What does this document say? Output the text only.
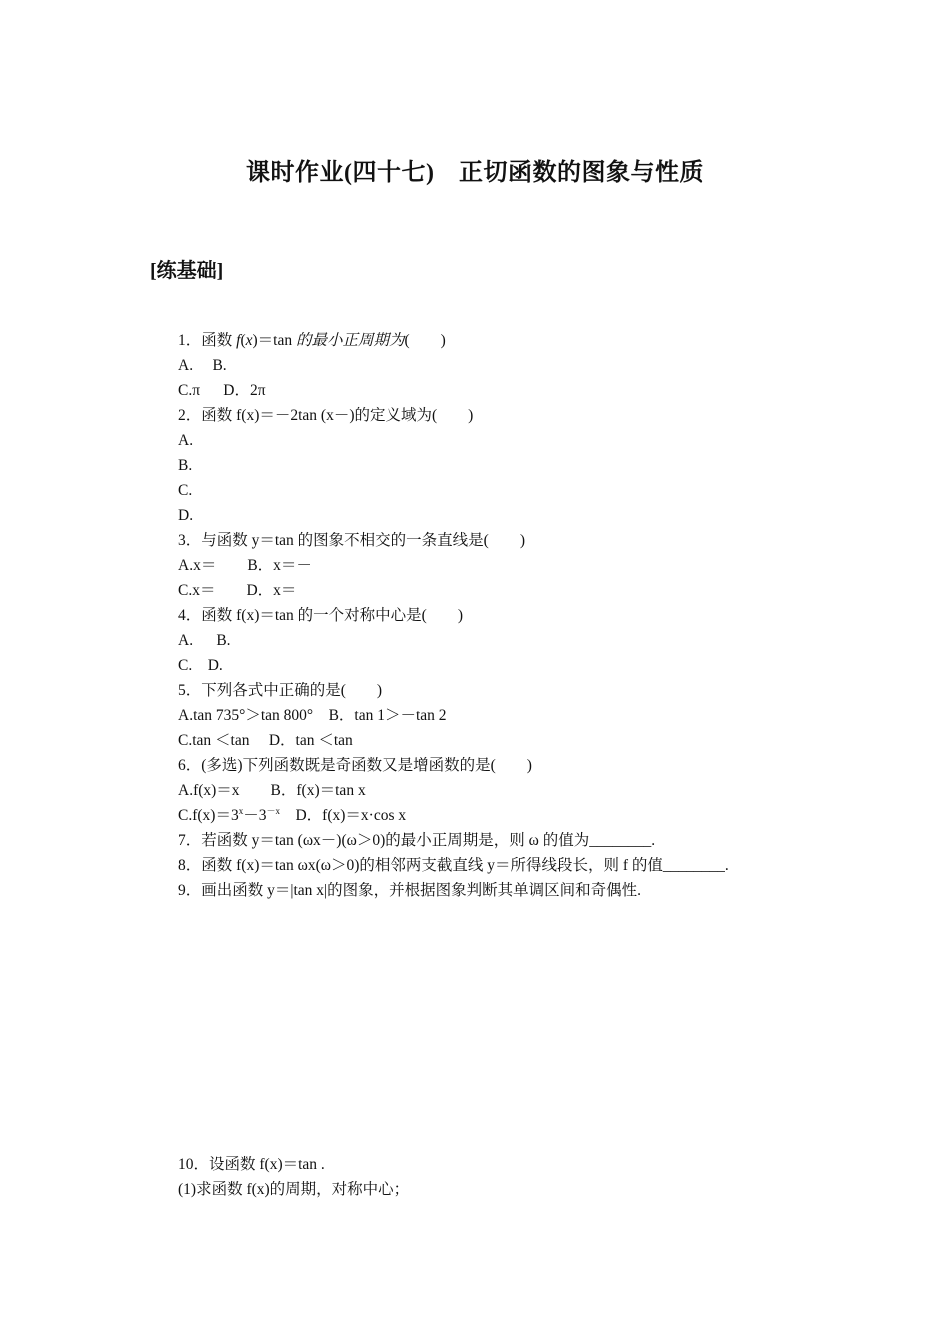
课时作业(四十七)　正切函数的图象与性质
[练基础]
1．函数 f(x)＝tan 的最小正周期为(　　)
A.　 B.
C.π　  D．2π
2．函数 f(x)＝－2tan (x－)的定义域为(　　)
A.
B.
C.
D.
3．与函数 y＝tan 的图象不相交的一条直线是(　　)
A.x＝　　B．x＝－
C.x＝　　D．x＝
4．函数 f(x)＝tan 的一个对称中心是(　　)
A.　  B.
C.　D.
5．下列各式中正确的是(　　)
A.tan 735°＞tan 800°　B．tan 1＞－tan 2
C.tan ＜tan 　D．tan ＜tan
6．(多选)下列函数既是奇函数又是增函数的是(　　)
A.f(x)＝x　　B．f(x)＝tan x
$C.f(x)=3^x-3^{-x}$　D．f(x)＝x·cos x
7．若函数 y＝tan (ωx－)(ω＞0)的最小正周期是，则 ω 的值为________.
8．函数 f(x)＝tan ωx(ω＞0)的相邻两支截直线 y＝所得线段长，则 f 的值________.
9．画出函数 y＝|tan x|的图象，并根据图象判断其单调区间和奇偶性.
10．设函数 f(x)＝tan .
(1)求函数 f(x)的周期，对称中心；
